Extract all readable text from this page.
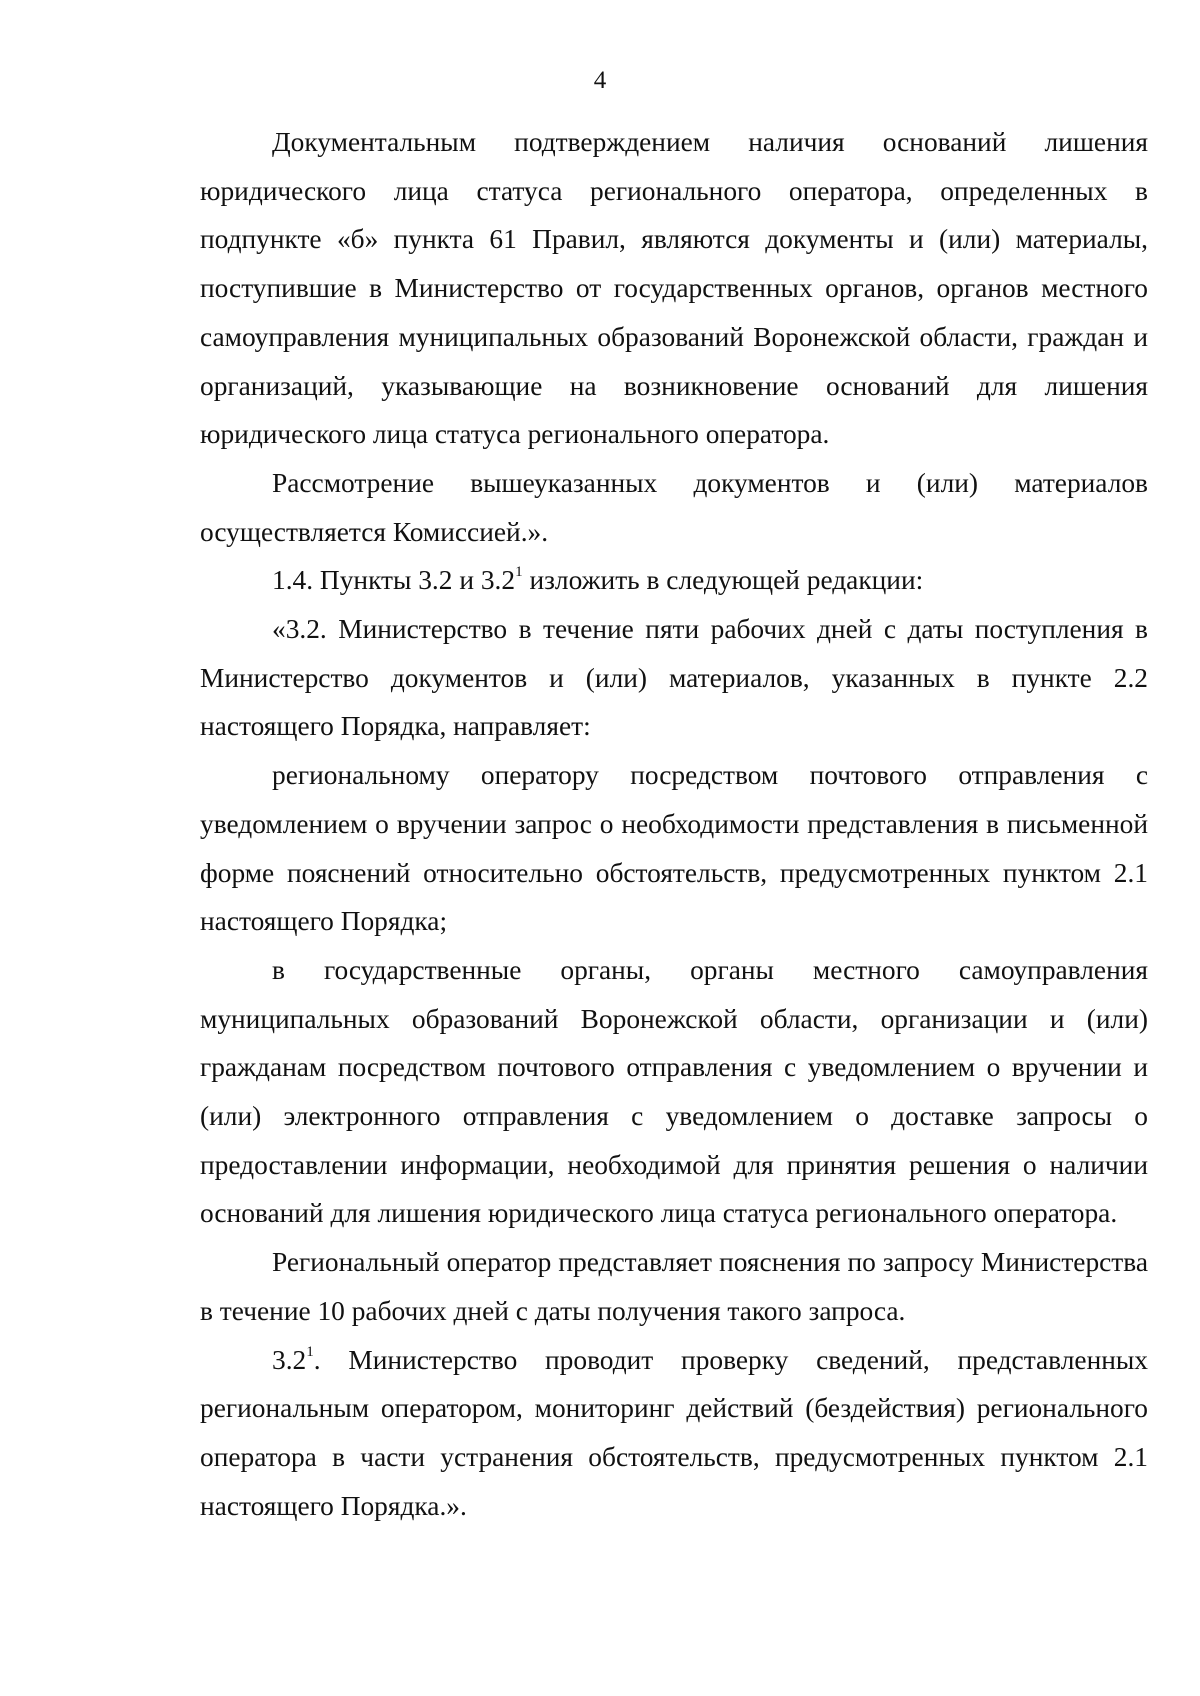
4

Документальным подтверждением наличия оснований лишения юридического лица статуса регионального оператора, определенных в подпункте «б» пункта 61 Правил, являются документы и (или) материалы, поступившие в Министерство от государственных органов, органов местного самоуправления муниципальных образований Воронежской области, граждан и организаций, указывающие на возникновение оснований для лишения юридического лица статуса регионального оператора.

Рассмотрение вышеуказанных документов и (или) материалов осуществляется Комиссией.».

1.4. Пункты 3.2 и $3.2^1$ изложить в следующей редакции:

«3.2. Министерство в течение пяти рабочих дней с даты поступления в Министерство документов и (или) материалов, указанных в пункте 2.2 настоящего Порядка, направляет:

региональному оператору посредством почтового отправления с уведомлением о вручении запрос о необходимости представления в письменной форме пояснений относительно обстоятельств, предусмотренных пунктом 2.1 настоящего Порядка;

в государственные органы, органы местного самоуправления муниципальных образований Воронежской области, организации и (или) гражданам посредством почтового отправления с уведомлением о вручении и (или) электронного отправления с уведомлением о доставке запросы о предоставлении информации, необходимой для принятия решения о наличии оснований для лишения юридического лица статуса регионального оператора.

Региональный оператор представляет пояснения по запросу Министерства в течение 10 рабочих дней с даты получения такого запроса.

$3.2^1$. Министерство проводит проверку сведений, представленных региональным оператором, мониторинг действий (бездействия) регионального оператора в части устранения обстоятельств, предусмотренных пунктом 2.1 настоящего Порядка.».
